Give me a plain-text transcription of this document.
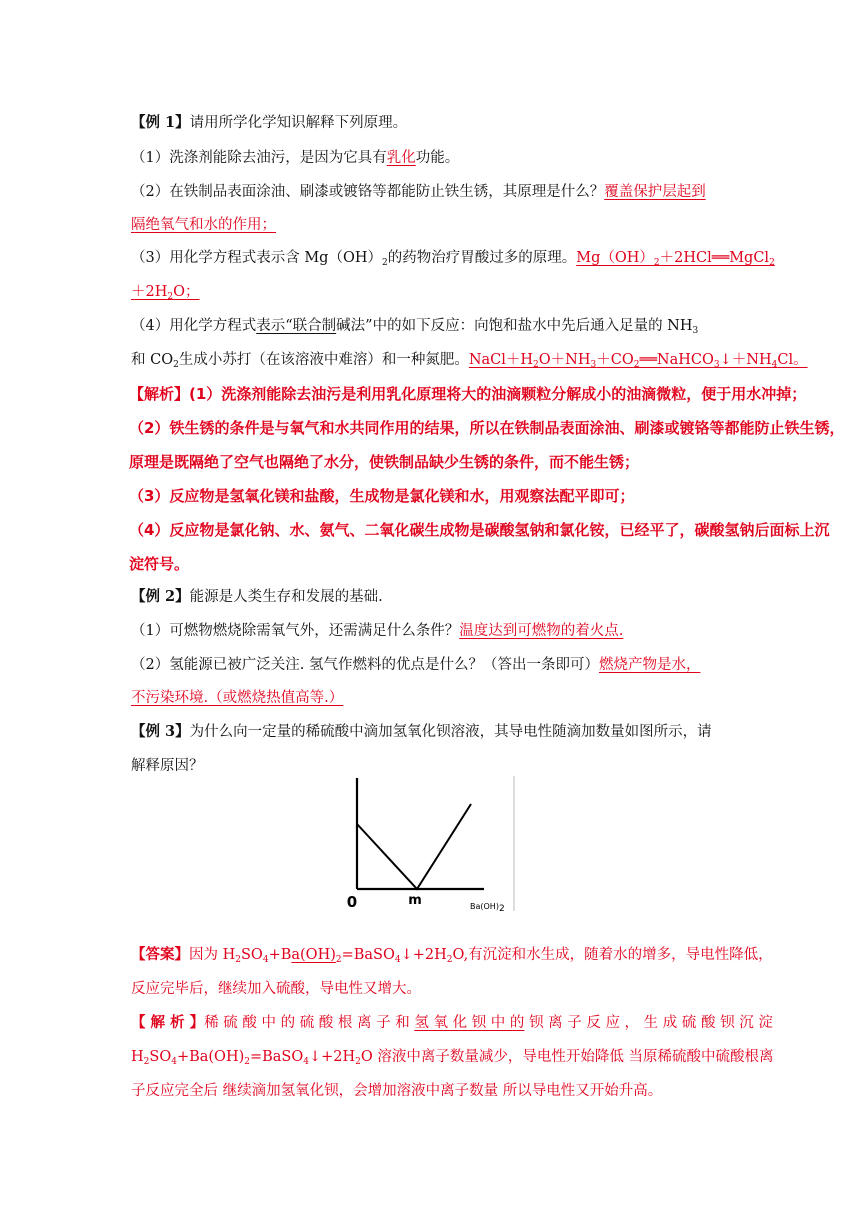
【例 1】请用所学化学知识解释下列原理。
（1）洗涤剂能除去油污，是因为它具有乳化功能。
（2）在铁制品表面涂油、刷漆或镀铬等都能防止铁生锈，其原理是什么？覆盖保护层起到
隔绝氧气和水的作用；
（3）用化学方程式表示含 $Mg(OH)_2$的药物治疗胃酸过多的原理。$Mg(OH)_2+2HCl══MgCl_2$
$+2H_2O$；
（4）用化学方程式表示“联合制碱法”中的如下反应：向饱和盐水中先后通入足量的 $NH_3$
和 $CO_2$生成小苏打（在该溶液中难溶）和一种氮肥。$NaCl+H_2O+NH_3+CO_2══NaHCO_3↓+NH_4Cl$。
【解析】(1）洗涤剂能除去油污是利用乳化原理将大的油滴颗粒分解成小的油滴微粒，便于用水冲掉；
（2）铁生锈的条件是与氧气和水共同作用的结果，所以在铁制品表面涂油、刷漆或镀铬等都能防止铁生锈，
原理是既隔绝了空气也隔绝了水分，使铁制品缺少生锈的条件，而不能生锈；
（3）反应物是氢氧化镁和盐酸，生成物是氯化镁和水，用观察法配平即可；
（4）反应物是氯化钠、水、氨气、二氧化碳生成物是碳酸氢钠和氯化铵，已经平了，碳酸氢钠后面标上沉
淀符号。
【例 2】能源是人类生存和发展的基础.
（1）可燃物燃烧除需氧气外，还需满足什么条件？温度达到可燃物的着火点.
（2）氢能源已被广泛关注. 氢气作燃料的优点是什么？（答出一条即可）燃烧产物是水，
不污染环境.（或燃烧热值高等.）
【例 3】为什么向一定量的稀硫酸中滴加氢氧化钡溶液，其导电性随滴加数量如图所示，请
解释原因？
0	m	Ba(OH)2
【答案】因为 $H_2SO_4+Ba(OH)_2=BaSO_4↓+2H_2O$,有沉淀和水生成，随着水的增多，导电性降低，
反应完毕后，继续加入硫酸，导电性又增大。
【 解 析 】稀 硫 酸 中 的 硫 酸 根 离 子 和 氢 氧 化 钡 中 的 钡 离 子 反 应 ， 生 成 硫 酸 钡 沉 淀
$H_2SO_4+Ba(OH)_2=BaSO_4↓+2H_2O$ 溶液中离子数量减少，导电性开始降低 当原稀硫酸中硫酸根离
子反应完全后 继续滴加氢氧化钡，会增加溶液中离子数量 所以导电性又开始升高。
